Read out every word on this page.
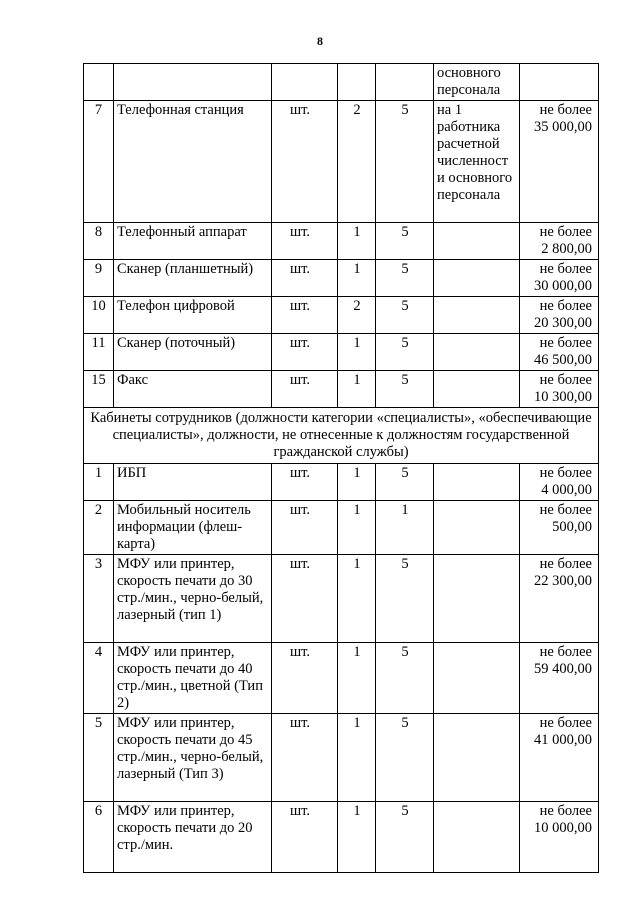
8
					основного персонала	
7	Телефонная станция	шт.	2	5	на 1 работника расчетной численност и основного персонала	не более
35 000,00

8	Телефонный аппарат	шт.	1	5		не более
2 800,00

9	Сканер (планшетный)	шт.	1	5		не более
30 000,00

10	Телефон цифровой	шт.	2	5		не более
20 300,00

11	Сканер (поточный)	шт.	1	5		не более
46 500,00

15	Факс	шт.	1	5		не более
10 300,00

Кабинеты сотрудников (должности категории «специалисты», «обеспечивающие специалисты», должности, не отнесенные к должностям государственной гражданской службы)						
1	ИБП	шт.	1	5		не более
4 000,00

2	Мобильный носитель информации (флеш-карта)	шт.	1	1		не более
500,00

3	МФУ или принтер, скорость печати до 30 стр./мин., черно-белый, лазерный (тип 1)	шт.	1	5		не более
22 300,00

4	МФУ или принтер, скорость печати до 40 стр./мин., цветной (Тип 2)	шт.	1	5		не более
59 400,00

5	МФУ или принтер, скорость печати до 45 стр./мин., черно-белый, лазерный (Тип 3)	шт.	1	5		не более
41 000,00

6	МФУ или принтер, скорость печати до 20 стр./мин.	шт.	1	5		не более
10 000,00
